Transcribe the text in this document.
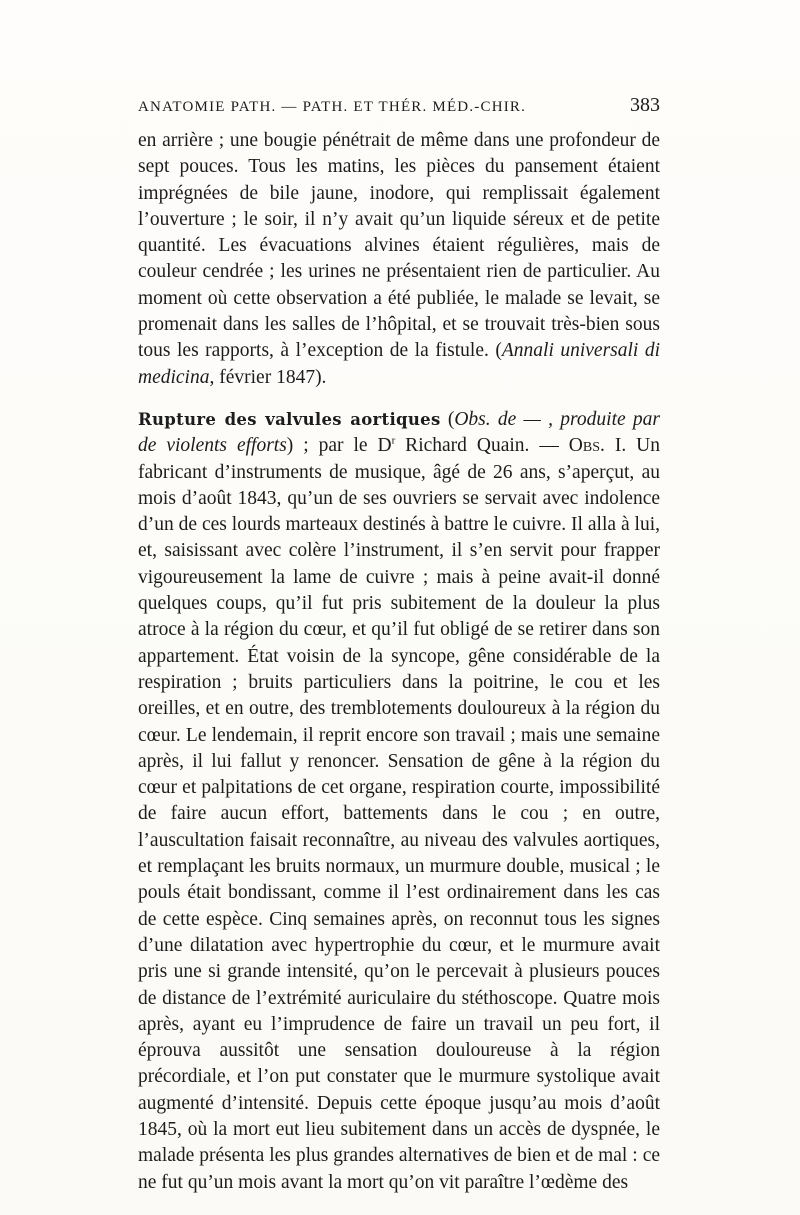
ANATOMIE PATH. — PATH. ET THÉR. MÉD.-CHIR.	383

en arrière ; une bougie pénétrait de même dans une profondeur de sept pouces. Tous les matins, les pièces du pansement étaient imprégnées de bile jaune, inodore, qui remplissait également l’ouverture ; le soir, il n’y avait qu’un liquide séreux et de petite quantité. Les évacuations alvines étaient régulières, mais de couleur cendrée ; les urines ne présentaient rien de particulier. Au moment où cette observation a été publiée, le malade se levait, se promenait dans les salles de l’hôpital, et se trouvait très-bien sous tous les rapports, à l’exception de la fistule. (Annali universali di medicina, février 1847).

Rupture des valvules aortiques (Obs. de — , produite par de violents efforts) ; par le $D^r$ Richard Quain. — Obs. I. Un fabricant d’instruments de musique, âgé de 26 ans, s’aperçut, au mois d’août 1843, qu’un de ses ouvriers se servait avec indolence d’un de ces lourds marteaux destinés à battre le cuivre. Il alla à lui, et, saisissant avec colère l’instrument, il s’en servit pour frapper vigoureusement la lame de cuivre ; mais à peine avait-il donné quelques coups, qu’il fut pris subitement de la douleur la plus atroce à la région du cœur, et qu’il fut obligé de se retirer dans son appartement. État voisin de la syncope, gêne considérable de la respiration ; bruits particuliers dans la poitrine, le cou et les oreilles, et en outre, des tremblotements douloureux à la région du cœur. Le lendemain, il reprit encore son travail ; mais une semaine après, il lui fallut y renoncer. Sensation de gêne à la région du cœur et palpitations de cet organe, respiration courte, impossibilité de faire aucun effort, battements dans le cou ; en outre, l’auscultation faisait reconnaître, au niveau des valvules aortiques, et remplaçant les bruits normaux, un murmure double, musical ; le pouls était bondissant, comme il l’est ordinairement dans les cas de cette espèce. Cinq semaines après, on reconnut tous les signes d’une dilatation avec hypertrophie du cœur, et le murmure avait pris une si grande intensité, qu’on le percevait à plusieurs pouces de distance de l’extrémité auriculaire du stéthoscope. Quatre mois après, ayant eu l’imprudence de faire un travail un peu fort, il éprouva aussitôt une sensation douloureuse à la région précordiale, et l’on put constater que le murmure systolique avait augmenté d’intensité. Depuis cette époque jusqu’au mois d’août 1845, où la mort eut lieu subitement dans un accès de dyspnée, le malade présenta les plus grandes alternatives de bien et de mal : ce ne fut qu’un mois avant la mort qu’on vit paraître l’œdème des
